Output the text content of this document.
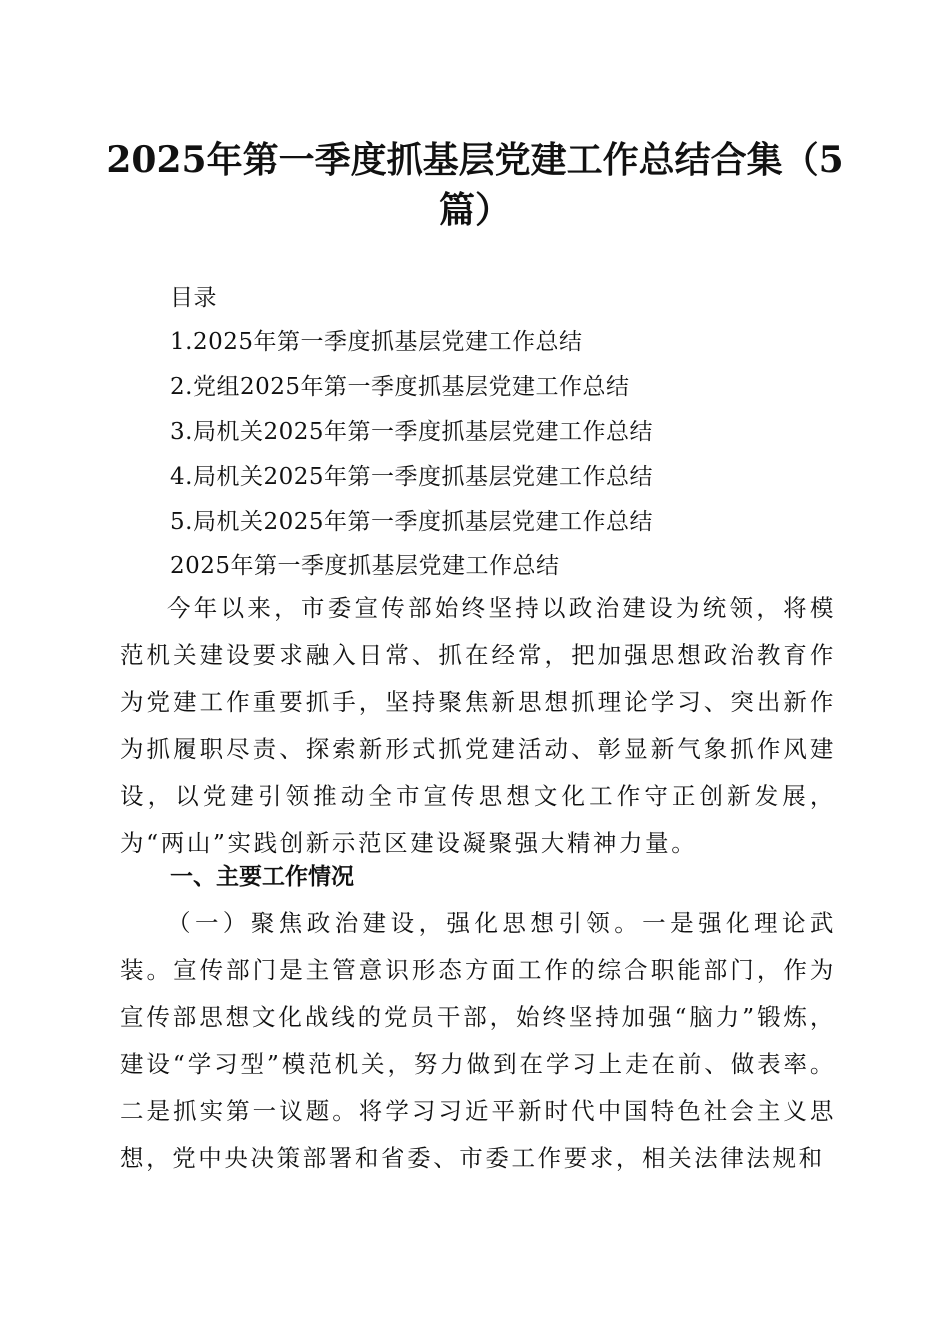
2025年第一季度抓基层党建工作总结合集（5
篇）
目录
1.2025年第一季度抓基层党建工作总结
2.党组2025年第一季度抓基层党建工作总结
3.局机关2025年第一季度抓基层党建工作总结
4.局机关2025年第一季度抓基层党建工作总结
5.局机关2025年第一季度抓基层党建工作总结
2025年第一季度抓基层党建工作总结
今年以来，市委宣传部始终坚持以政治建设为统领，将模范机关建设要求融入日常、抓在经常，把加强思想政治教育作为党建工作重要抓手，坚持聚焦新思想抓理论学习、突出新作为抓履职尽责、探索新形式抓党建活动、彰显新气象抓作风建设，以党建引领推动全市宣传思想文化工作守正创新发展，为“两山”实践创新示范区建设凝聚强大精神力量。
一、主要工作情况
（一）聚焦政治建设，强化思想引领。一是强化理论武装。宣传部门是主管意识形态方面工作的综合职能部门，作为宣传部思想文化战线的党员干部，始终坚持加强“脑力”锻炼，建设“学习型”模范机关，努力做到在学习上走在前、做表率。二是抓实第一议题。将学习习近平新时代中国特色社会主义思想，党中央决策部署和省委、市委工作要求，相关法律法规和
